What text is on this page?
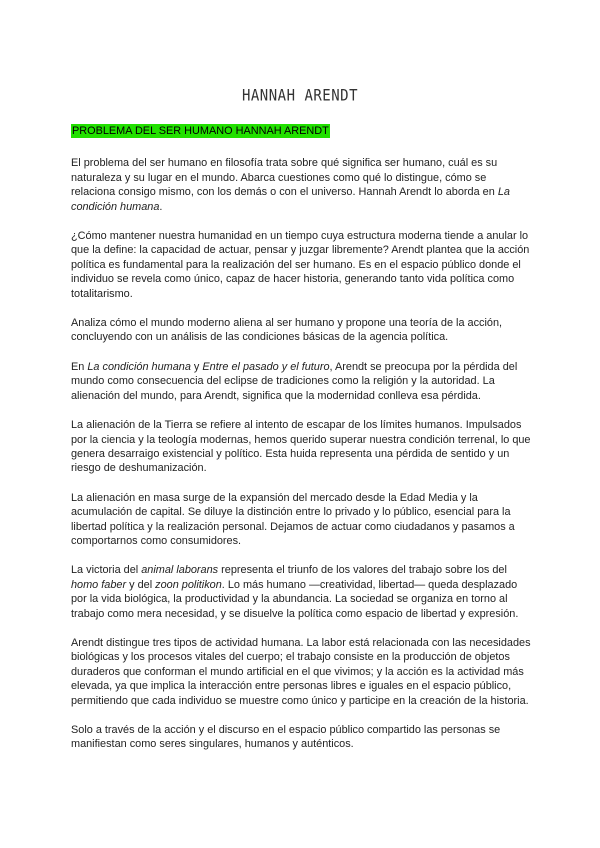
HANNAH ARENDT
PROBLEMA DEL SER HUMANO HANNAH ARENDT

El problema del ser humano en filosofía trata sobre qué significa ser humano, cuál es su naturaleza y su lugar en el mundo. Abarca cuestiones como qué lo distingue, cómo se relaciona consigo mismo, con los demás o con el universo. Hannah Arendt lo aborda en La condición humana.

¿Cómo mantener nuestra humanidad en un tiempo cuya estructura moderna tiende a anular lo que la define: la capacidad de actuar, pensar y juzgar libremente? Arendt plantea que la acción política es fundamental para la realización del ser humano. Es en el espacio público donde el individuo se revela como único, capaz de hacer historia, generando tanto vida política como totalitarismo.

Analiza cómo el mundo moderno aliena al ser humano y propone una teoría de la acción, concluyendo con un análisis de las condiciones básicas de la agencia política.

En La condición humana y Entre el pasado y el futuro, Arendt se preocupa por la pérdida del mundo como consecuencia del eclipse de tradiciones como la religión y la autoridad. La alienación del mundo, para Arendt, significa que la modernidad conlleva esa pérdida.

La alienación de la Tierra se refiere al intento de escapar de los límites humanos. Impulsados por la ciencia y la teología modernas, hemos querido superar nuestra condición terrenal, lo que genera desarraigo existencial y político. Esta huida representa una pérdida de sentido y un riesgo de deshumanización.

La alienación en masa surge de la expansión del mercado desde la Edad Media y la acumulación de capital. Se diluye la distinción entre lo privado y lo público, esencial para la libertad política y la realización personal. Dejamos de actuar como ciudadanos y pasamos a comportarnos como consumidores.

La victoria del animal laborans representa el triunfo de los valores del trabajo sobre los del homo faber y del zoon politikon. Lo más humano —creatividad, libertad— queda desplazado por la vida biológica, la productividad y la abundancia. La sociedad se organiza en torno al trabajo como mera necesidad, y se disuelve la política como espacio de libertad y expresión.

Arendt distingue tres tipos de actividad humana. La labor está relacionada con las necesidades biológicas y los procesos vitales del cuerpo; el trabajo consiste en la producción de objetos duraderos que conforman el mundo artificial en el que vivimos; y la acción es la actividad más elevada, ya que implica la interacción entre personas libres e iguales en el espacio público, permitiendo que cada individuo se muestre como único y participe en la creación de la historia.

Solo a través de la acción y el discurso en el espacio público compartido las personas se manifiestan como seres singulares, humanos y auténticos.
